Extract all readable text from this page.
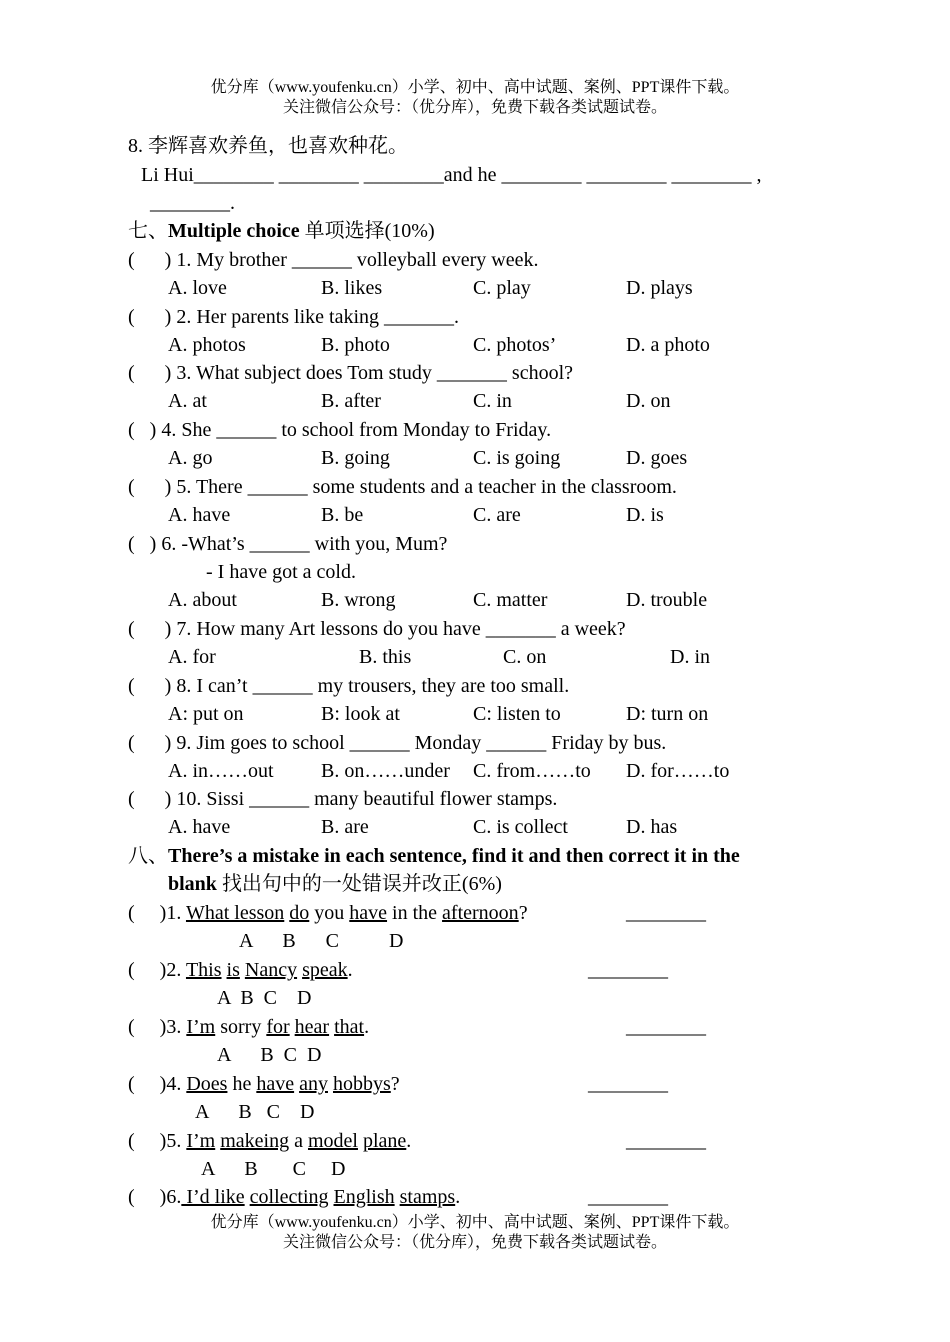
优分库（www.youfenku.cn）小学、初中、高中试题、案例、PPT课件下载。
关注微信公众号：（优分库），免费下载各类试题试卷。
8. 李辉喜欢养鱼，也喜欢种花。
Li Hui________ ________ ________and he ________ ________ ________ ,
________.
七、Multiple choice 单项选择(10%)
(      ) 1. My brother ______ volleyball every week.
A. love	B. likes	C. play	D. plays
(      ) 2. Her parents like taking _______.
A. photos	B. photo	C. photos’	D. a photo
(      ) 3. What subject does Tom study _______ school?
A. at	B. after	C. in	D. on
(   ) 4. She ______ to school from Monday to Friday.
A. go	B. going	C. is going	D. goes
(      ) 5. There ______ some students and a teacher in the classroom.
A. have	B. be	C. are	D. is
(   ) 6. -What’s ______ with you, Mum?
- I have got a cold.
A. about	B. wrong	C. matter	D. trouble
(      ) 7. How many Art lessons do you have _______ a week?
A. for	B. this	C. on	D. in
(      ) 8. I can’t ______ my trousers, they are too small.
A: put on	B: look at	C: listen to	D: turn on
(      ) 9. Jim goes to school ______ Monday ______ Friday by bus.
A. in……out B. on……under C. from……to D. for……to
(      ) 10. Sissi ______ many beautiful flower stamps.
A. have	B. are	C. is collect	D. has
八、There’s a mistake in each sentence, find it and then correct it in the
blank 找出句中的一处错误并改正(6%)
(     )1. What lesson do you have in the afternoon?	________
A      B      C          D
(     )2. This is Nancy speak.	________
A  B  C    D
(     )3. I’m sorry for hear that.	________
A      B  C  D
(     )4. Does he have any hobbys?	________
A      B   C    D
(     )5. I’m makeing a model plane.	________
A      B       C     D
(     )6. I’d like collecting English stamps.	________
优分库（www.youfenku.cn）小学、初中、高中试题、案例、PPT课件下载。
关注微信公众号：（优分库），免费下载各类试题试卷。
